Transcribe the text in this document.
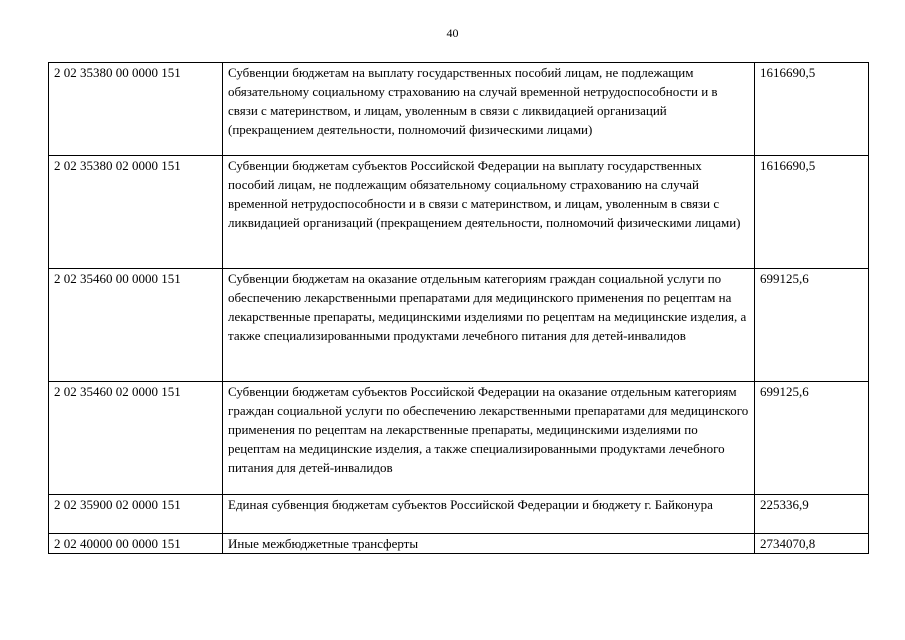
40
2 02 35380 00 0000 151	Субвенции бюджетам на выплату государственных пособий лицам, не подлежащим обязательному социальному страхованию на случай временной нетрудоспособности и в связи с материнством, и лицам, уволенным в связи с ликвидацией организаций (прекращением деятельности, полномочий физическими лицами)	1616690,5
2 02 35380 02 0000 151	Субвенции бюджетам субъектов Российской Федерации на выплату государственных пособий лицам, не подлежащим обязательному социальному страхованию на случай временной нетрудоспособности и в связи с материнством, и лицам, уволенным в связи с ликвидацией организаций (прекращением деятельности, полномочий физическими лицами)	1616690,5
2 02 35460 00 0000 151	Субвенции бюджетам на оказание отдельным категориям граждан социальной услуги по обеспечению лекарственными препаратами для медицинского применения по рецептам на лекарственные препараты, медицинскими изделиями по рецептам на медицинские изделия, а также специализированными продуктами лечебного питания для детей-инвалидов	699125,6
2 02 35460 02 0000 151	Субвенции бюджетам субъектов Российской Федерации на оказание отдельным категориям граждан социальной услуги по обеспечению лекарственными препаратами для медицинского применения по рецептам на лекарственные препараты, медицинскими изделиями по рецептам на медицинские изделия, а также специализированными продуктами лечебного питания для детей-инвалидов	699125,6
2 02 35900 02 0000 151	Единая субвенция бюджетам субъектов Российской Федерации и бюджету г. Байконура	225336,9
2 02 40000 00 0000 151	Иные межбюджетные трансферты	2734070,8
